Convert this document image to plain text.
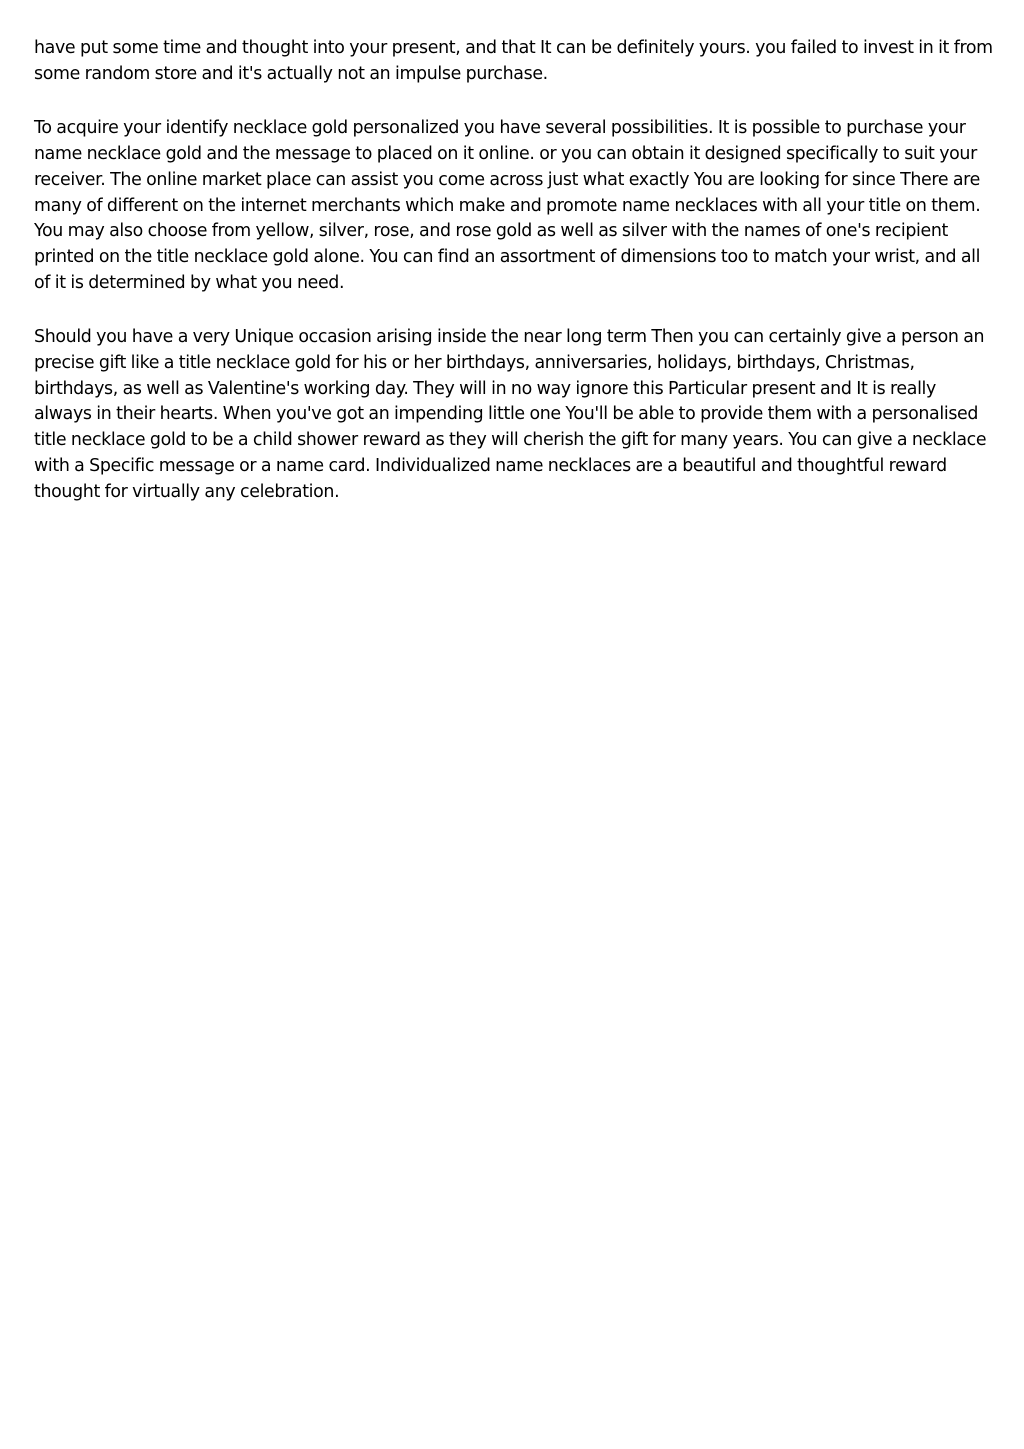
have put some time and thought into your present, and that It can be definitely yours. you failed to invest in it from some random store and it's actually not an impulse purchase.

To acquire your identify necklace gold personalized you have several possibilities. It is possible to purchase your name necklace gold and the message to placed on it online. or you can obtain it designed specifically to suit your receiver. The online market place can assist you come across just what exactly You are looking for since There are many of different on the internet merchants which make and promote name necklaces with all your title on them. You may also choose from yellow, silver, rose, and rose gold as well as silver with the names of one's recipient printed on the title necklace gold alone. You can find an assortment of dimensions too to match your wrist, and all of it is determined by what you need.

Should you have a very Unique occasion arising inside the near long term Then you can certainly give a person an precise gift like a title necklace gold for his or her birthdays, anniversaries, holidays, birthdays, Christmas, birthdays, as well as Valentine's working day. They will in no way ignore this Particular present and It is really always in their hearts. When you've got an impending little one You'll be able to provide them with a personalised title necklace gold to be a child shower reward as they will cherish the gift for many years. You can give a necklace with a Specific message or a name card. Individualized name necklaces are a beautiful and thoughtful reward thought for virtually any celebration.
